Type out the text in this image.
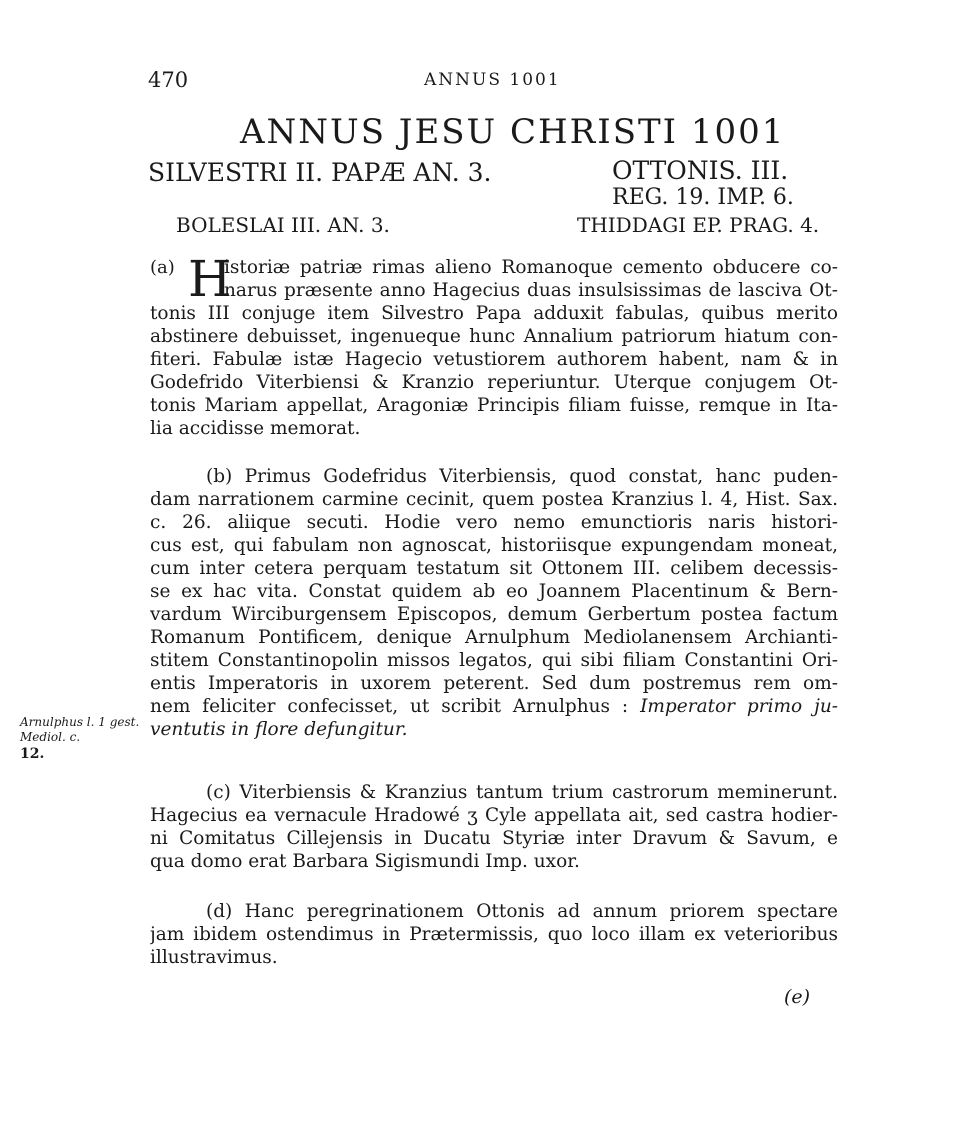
470	ANNUS 1001
ANNUS JESU CHRISTI 1001
SILVESTRI II. PAPÆ AN. 3.	OTTONIS. III.
REG. 19. IMP. 6.
BOLESLAI III. AN. 3.	THIDDAGI EP. PRAG. 4.
(a) H
istoriæ patriæ rimas alieno Romanoque cemento obducere co-
narus præsente anno Hagecius duas insulsissimas de lasciva Ot-
tonis III conjuge item Silvestro Papa adduxit fabulas, quibus merito
abstinere debuisset, ingenueque hunc Annalium patriorum hiatum con-
fiteri. Fabulæ istæ Hagecio vetustiorem authorem habent, nam & in
Godefrido Viterbiensi & Kranzio reperiuntur. Uterque conjugem Ot-
tonis Mariam appellat, Aragoniæ Principis filiam fuisse, remque in Ita-
lia accidisse memorat.
(b) Primus Godefridus Viterbiensis, quod constat, hanc puden-
dam narrationem carmine cecinit, quem postea Kranzius l. 4, Hist. Sax.
c. 26. aliique secuti. Hodie vero nemo emunctioris naris histori-
cus est, qui fabulam non agnoscat, historiisque expungendam moneat,
cum inter cetera perquam testatum sit Ottonem III. celibem decessis-
se ex hac vita. Constat quidem ab eo Joannem Placentinum & Bern-
vardum Wirciburgensem Episcopos, demum Gerbertum postea factum
Romanum Pontificem, denique Arnulphum Mediolanensem Archianti-
stitem Constantinopolin missos legatos, qui sibi filiam Constantini Ori-
entis Imperatoris in uxorem peterent. Sed dum postremus rem om-
nem feliciter confecisset, ut scribit Arnulphus : Imperator primo ju-
ventutis in flore defungitur.
Arnulphus l. 1 gest. Mediol. c.
12.
(c) Viterbiensis & Kranzius tantum trium castrorum meminerunt.
Hagecius ea vernacule Hradowé ʒ Cyle appellata ait, sed castra hodier-
ni Comitatus Cillejensis in Ducatu Styriæ inter Dravum & Savum, e
qua domo erat Barbara Sigismundi Imp. uxor.
(d) Hanc peregrinationem Ottonis ad annum priorem spectare
jam ibidem ostendimus in Prætermissis, quo loco illam ex veterioribus
illustravimus.
(e)
